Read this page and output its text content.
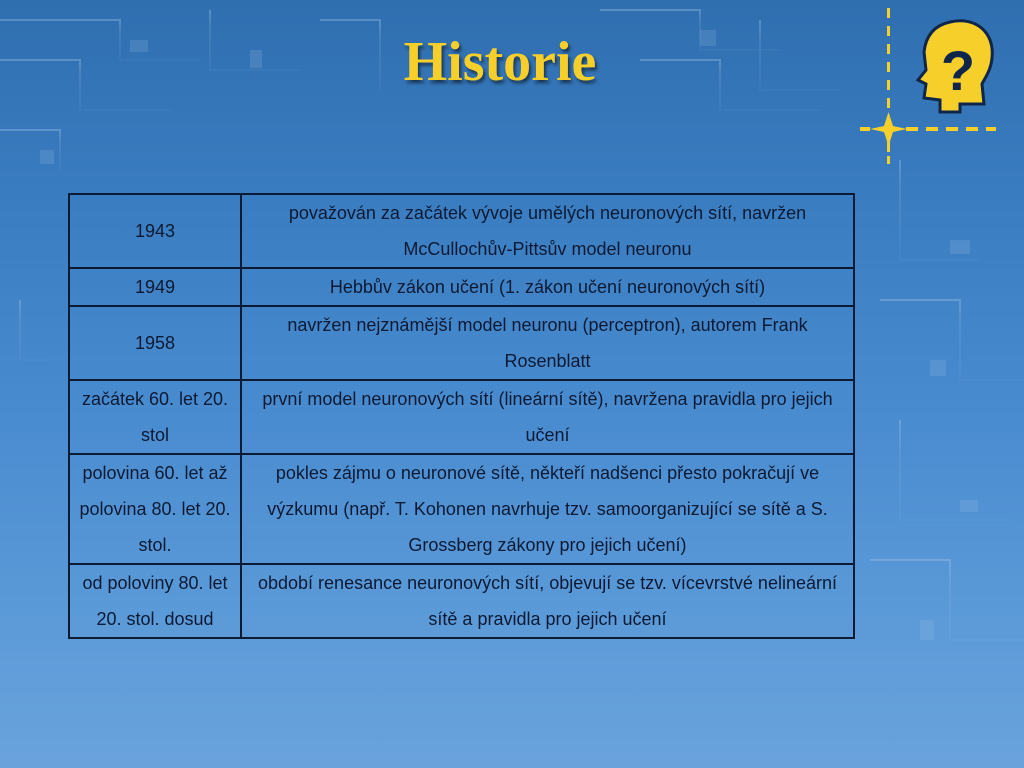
Historie	?
1943	považován za začátek vývoje umělých neuronových sítí, navržen McCullochův-Pittsův model neuronu
1949	Hebbův zákon učení (1. zákon učení neuronových sítí)
1958	navržen nejznámější model neuronu (perceptron), autorem Frank Rosenblatt
začátek 60. let 20. stol	první model neuronových sítí (lineární sítě), navržena pravidla pro jejich učení
polovina 60. let až polovina 80. let 20. stol.	pokles zájmu o neuronové sítě, někteří nadšenci přesto pokračují ve výzkumu (např. T. Kohonen navrhuje tzv. samoorganizující se sítě a S. Grossberg zákony pro jejich učení)
od poloviny 80. let 20. stol. dosud	období renesance neuronových sítí, objevují se tzv. vícevrstvé nelineární sítě a pravidla pro jejich učení
